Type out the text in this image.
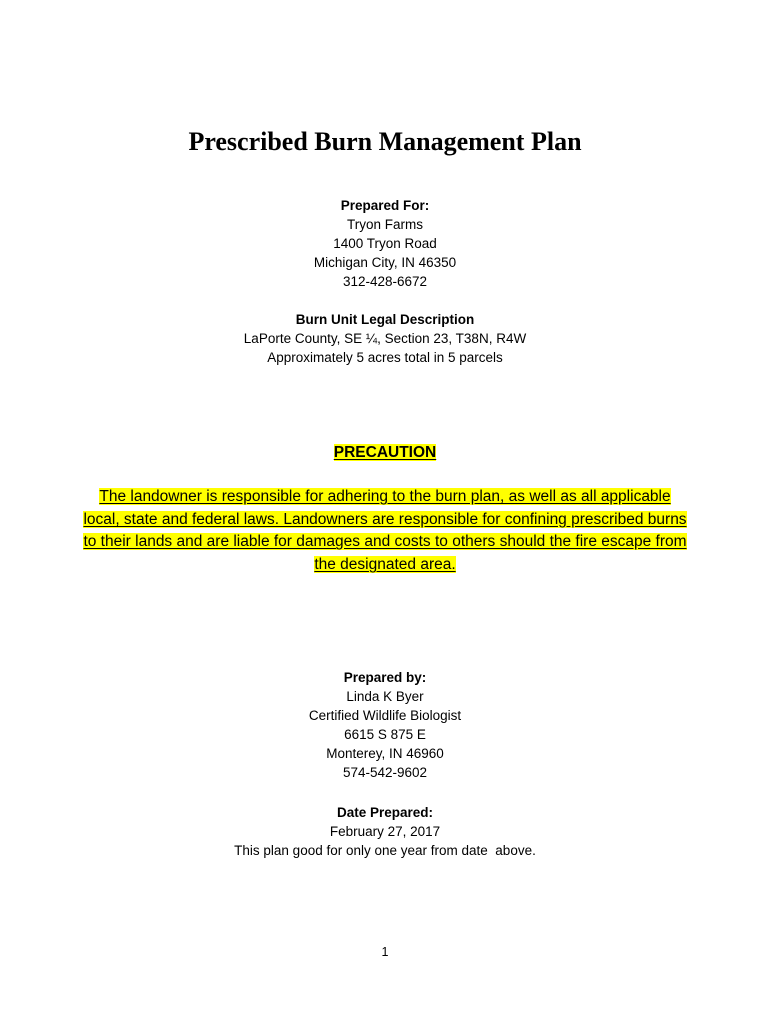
Prescribed Burn Management Plan
Prepared For:
Tryon Farms
1400 Tryon Road
Michigan City, IN 46350
312-428-6672
Burn Unit Legal Description
LaPorte County, SE ¼, Section 23, T38N, R4W
Approximately 5 acres total in 5 parcels
PRECAUTION
The landowner is responsible for adhering to the burn plan, as well as all applicable
local, state and federal laws. Landowners are responsible for confining prescribed burns
to their lands and are liable for damages and costs to others should the fire escape from
the designated area.
Prepared by:
Linda K Byer
Certified Wildlife Biologist
6615 S 875 E
Monterey, IN 46960
574-542-9602
Date Prepared:
February 27, 2017
This plan good for only one year from date  above.
1
